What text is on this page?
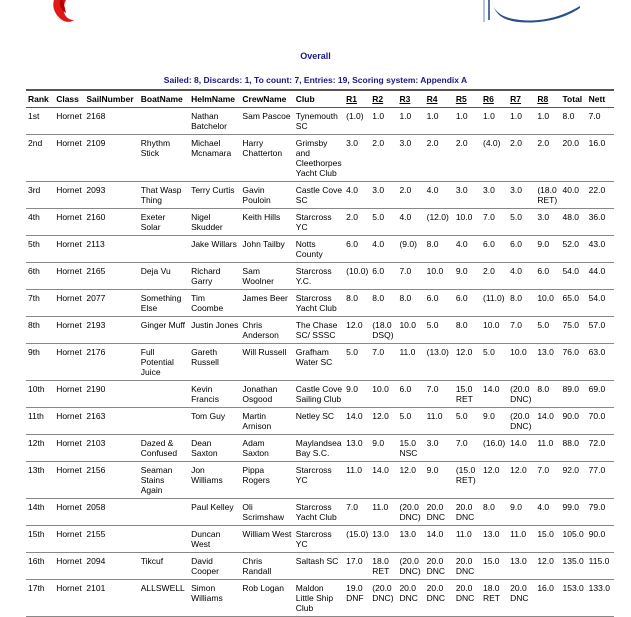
Overall
Sailed: 8, Discards: 1, To count: 7, Entries: 19, Scoring system: Appendix A
Rank	Class	SailNumber	BoatName	HelmName	CrewName	Club	R1	R2	R3	R4	R5	R6	R7	R8	Total	Nett
1st	Hornet	2168		Nathan Batchelor	Sam Pascoe	Tynemouth SC	(1.0)	1.0	1.0	1.0	1.0	1.0	1.0	1.0	8.0	7.0
2nd	Hornet	2109	Rhythm Stick	Michael Mcnamara	Harry Chatterton	Grimsby and Cleethorpes Yacht Club	3.0	2.0	3.0	2.0	2.0	(4.0)	2.0	2.0	20.0	16.0
3rd	Hornet	2093	That Wasp Thing	Terry Curtis	Gavin Pouloin	Castle Cove SC	4.0	3.0	2.0	4.0	3.0	3.0	3.0	(18.0 RET)	40.0	22.0
4th	Hornet	2160	Exeter Solar	Nigel Skudder	Keith Hills	Starcross YC	2.0	5.0	4.0	(12.0)	10.0	7.0	5.0	3.0	48.0	36.0
5th	Hornet	2113		Jake Willars	John Tailby	Notts County	6.0	4.0	(9.0)	8.0	4.0	6.0	6.0	9.0	52.0	43.0
6th	Hornet	2165	Deja Vu	Richard Garry	Sam Woolner	Starcross Y.C.	(10.0)	6.0	7.0	10.0	9.0	2.0	4.0	6.0	54.0	44.0
7th	Hornet	2077	Something Else	Tim Coombe	James Beer	Starcross Yacht Club	8.0	8.0	8.0	6.0	6.0	(11.0)	8.0	10.0	65.0	54.0
8th	Hornet	2193	Ginger Muff	Justin Jones	Chris Anderson	The Chase SC/ SSSC	12.0	(18.0 DSQ)	10.0	5.0	8.0	10.0	7.0	5.0	75.0	57.0
9th	Hornet	2176	Full Potential Juice	Gareth Russell	Will Russell	Grafham Water SC	5.0	7.0	11.0	(13.0)	12.0	5.0	10.0	13.0	76.0	63.0
10th	Hornet	2190		Kevin Francis	Jonathan Osgood	Castle Cove Sailing Club	9.0	10.0	6.0	7.0	15.0 RET	14.0	(20.0 DNC)	8.0	89.0	69.0
11th	Hornet	2163		Tom Guy	Martin Arnison	Netley SC	14.0	12.0	5.0	11.0	5.0	9.0	(20.0 DNC)	14.0	90.0	70.0
12th	Hornet	2103	Dazed & Confused	Dean Saxton	Adam Saxton	Maylandsea Bay S.C.	13.0	9.0	15.0 NSC	3.0	7.0	(16.0)	14.0	11.0	88.0	72.0
13th	Hornet	2156	Seaman Stains Again	Jon Williams	Pippa Rogers	Starcross YC	11.0	14.0	12.0	9.0	(15.0 RET)	12.0	12.0	7.0	92.0	77.0
14th	Hornet	2058		Paul Kelley	Oli Scrimshaw	Starcross Yacht Club	7.0	11.0	(20.0 DNC)	20.0 DNC	20.0 DNC	8.0	9.0	4.0	99.0	79.0
15th	Hornet	2155		Duncan West	William West	Starcross YC	(15.0)	13.0	13.0	14.0	11.0	13.0	11.0	15.0	105.0	90.0
16th	Hornet	2094	Tikcuf	David Cooper	Chris Randall	Saltash SC	17.0	18.0 RET	(20.0 DNC)	20.0 DNC	20.0 DNC	15.0	13.0	12.0	135.0	115.0
17th	Hornet	2101	ALLSWELL	Simon Williams	Rob Logan	Maldon Little Ship Club	19.0 DNF	(20.0 DNC)	20.0 DNC	20.0 DNC	20.0 DNC	18.0 RET	20.0 DNC	16.0	153.0	133.0
